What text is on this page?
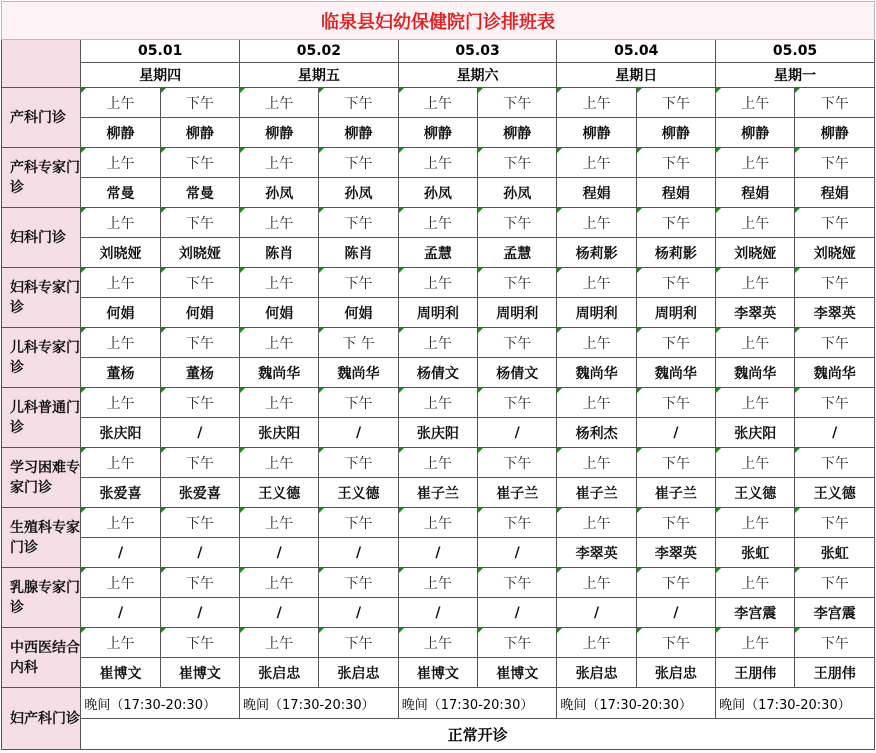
临泉县妇幼保健院门诊排班表										
	05.01		05.02		05.03		05.04		05.05	
	星期四		星期五		星期六		星期日		星期一	
产科门诊	上午	下午	上午	下午	上午	下午	上午	下午	上午	下午
	柳静	柳静	柳静	柳静	柳静	柳静	柳静	柳静	柳静	柳静
产科专家门诊	上午	下午	上午	下午	上午	下午	上午	下午	上午	下午
	常曼	常曼	孙凤	孙凤	孙凤	孙凤	程娟	程娟	程娟	程娟
妇科门诊	上午	下午	上午	下午	上午	下午	上午	下午	上午	下午
	刘晓娅	刘晓娅	陈肖	陈肖	孟慧	孟慧	杨莉影	杨莉影	刘晓娅	刘晓娅
妇科专家门诊	上午	下午	上午	下午	上午	下午	上午	下午	上午	下午
	何娟	何娟	何娟	何娟	周明利	周明利	周明利	周明利	李翠英	李翠英
儿科专家门诊	上午	下午	上午	下 午	上午	下午	上午	下午	上午	下午
	董杨	董杨	魏尚华	魏尚华	杨倩文	杨倩文	魏尚华	魏尚华	魏尚华	魏尚华
儿科普通门诊	上午	下午	上午	下午	上午	下午	上午	下午	上午	下午
	张庆阳	/	张庆阳	/	张庆阳	/	杨利杰	/	张庆阳	/
学习困难专家门诊	上午	下午	上午	下午	上午	下午	上午	下午	上午	下午
	张爱喜	张爱喜	王义德	王义德	崔子兰	崔子兰	崔子兰	崔子兰	王义德	王义德
生殖科专家门诊	上午	下午	上午	下午	上午	下午	上午	下午	上午	下午
	/	/	/	/	/	/	李翠英	李翠英	张虹	张虹
乳腺专家门诊	上午	下午	上午	下午	上午	下午	上午	下午	上午	下午
	/	/	/	/	/	/	/	/	李宫震	李宫震
中西医结合内科	上午	下午	上午	下午	上午	下午	上午	下午	上午	下午
	崔博文	崔博文	张启忠	张启忠	崔博文	崔博文	张启忠	张启忠	王朋伟	王朋伟
妇产科门诊	晚间（17:30-20:30）		晚间（17:30-20:30）		晚间（17:30-20:30）		晚间（17:30-20:30）		晚间（17:30-20:30）	
	正常开诊									
